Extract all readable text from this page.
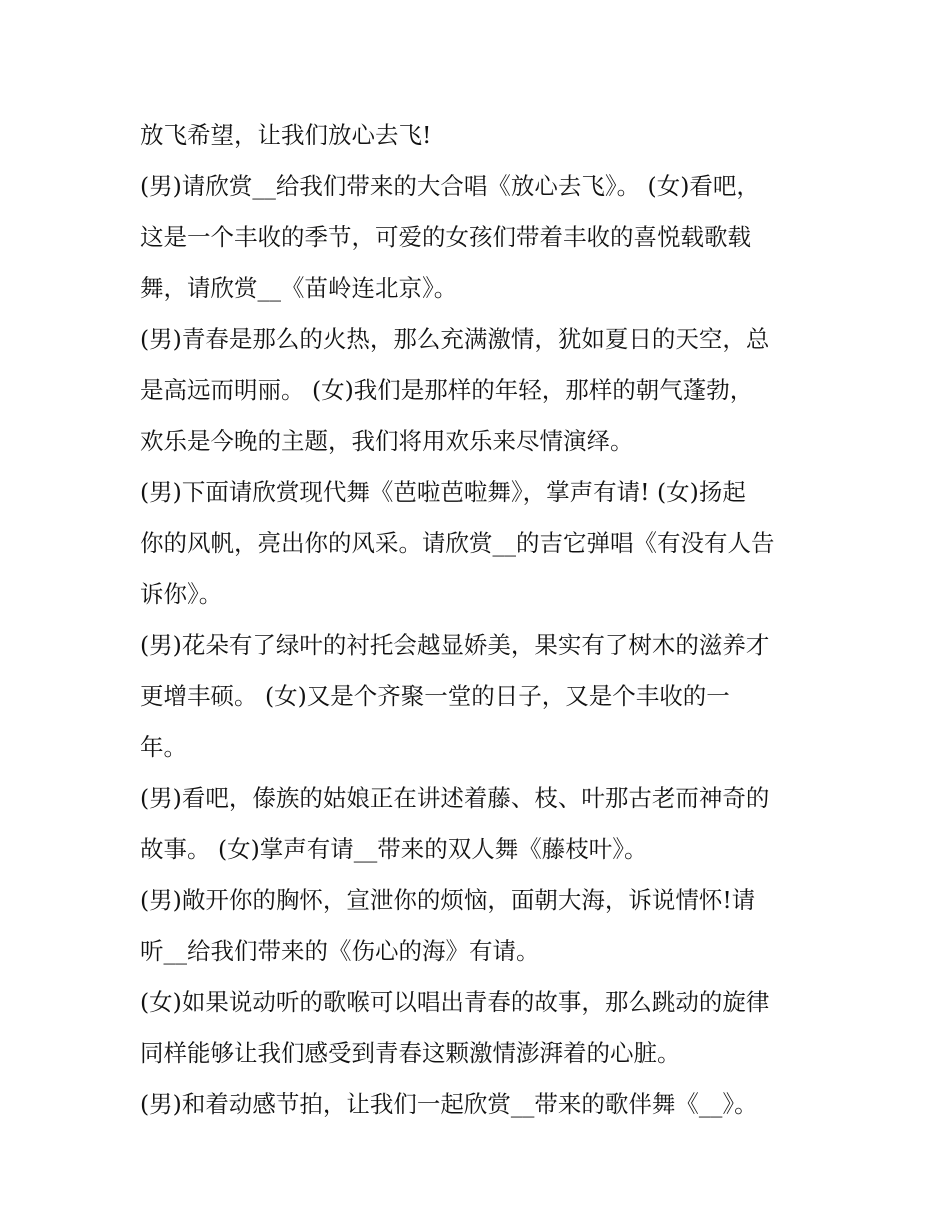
放飞希望，让我们放心去飞!
(男)请欣赏__给我们带来的大合唱《放心去飞》。 (女)看吧，
这是一个丰收的季节，可爱的女孩们带着丰收的喜悦载歌载
舞，请欣赏__《苗岭连北京》。
(男)青春是那么的火热，那么充满激情，犹如夏日的天空，总
是高远而明丽。 (女)我们是那样的年轻，那样的朝气蓬勃，
欢乐是今晚的主题，我们将用欢乐来尽情演绎。
(男)下面请欣赏现代舞《芭啦芭啦舞》，掌声有请! (女)扬起
你的风帆，亮出你的风采。请欣赏__的吉它弹唱《有没有人告
诉你》。
(男)花朵有了绿叶的衬托会越显娇美，果实有了树木的滋养才
更增丰硕。 (女)又是个齐聚一堂的日子，又是个丰收的一
年。
(男)看吧，傣族的姑娘正在讲述着藤、枝、叶那古老而神奇的
故事。 (女)掌声有请__带来的双人舞《藤枝叶》。
(男)敞开你的胸怀，宣泄你的烦恼，面朝大海，诉说情怀!请
听__给我们带来的《伤心的海》有请。
(女)如果说动听的歌喉可以唱出青春的故事，那么跳动的旋律
同样能够让我们感受到青春这颗激情澎湃着的心脏。
(男)和着动感节拍，让我们一起欣赏__带来的歌伴舞《__》。
